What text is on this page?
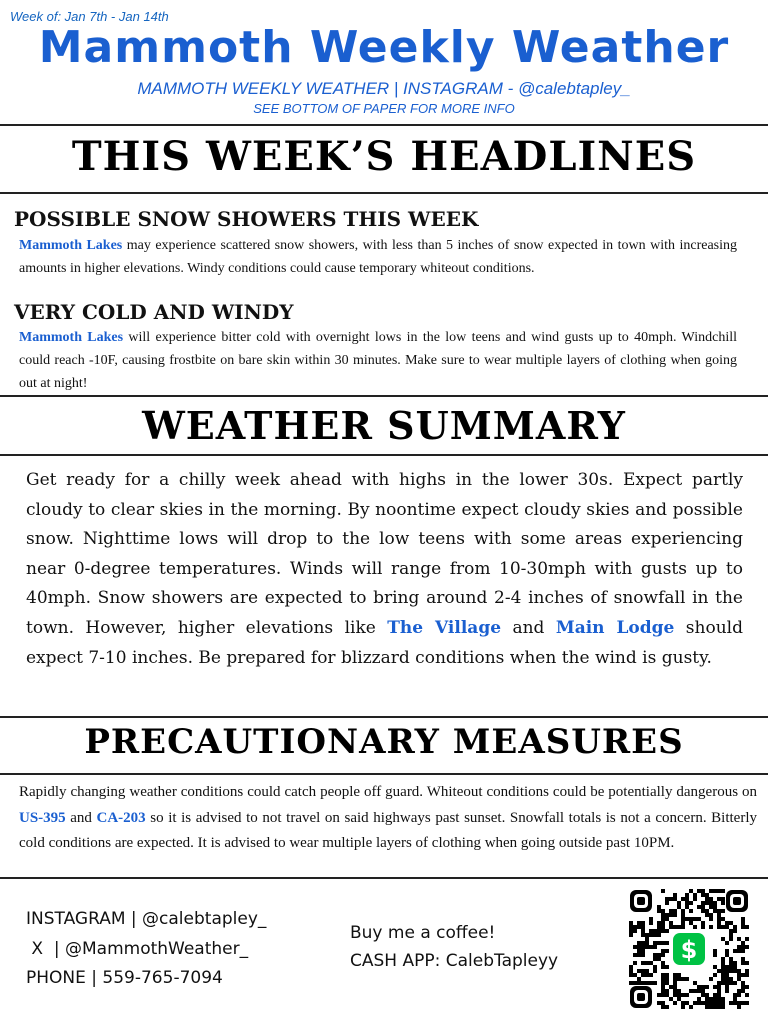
Week of: Jan 7th - Jan 14th
Mammoth Weekly Weather
MAMMOTH WEEKLY WEATHER | INSTAGRAM - @calebtapley_
SEE BOTTOM OF PAPER FOR MORE INFO
THIS WEEK’S HEADLINES
POSSIBLE SNOW SHOWERS THIS WEEK

Mammoth Lakes may experience scattered snow showers, with less than 5 inches of snow expected in town with increasing amounts in higher elevations. Windy conditions could cause temporary whiteout conditions.

VERY COLD AND WINDY

Mammoth Lakes will experience bitter cold with overnight lows in the low teens and wind gusts up to 40mph. Windchill could reach -10F, causing frostbite on bare skin within 30 minutes. Make sure to wear multiple layers of clothing when going out at night!

WEATHER SUMMARY

Get ready for a chilly week ahead with highs in the lower 30s. Expect partly cloudy to clear skies in the morning. By noontime expect cloudy skies and possible snow. Nighttime lows will drop to the low teens with some areas experiencing near 0-degree temperatures. Winds will range from 10-30mph with gusts up to 40mph. Snow showers are expected to bring around 2-4 inches of snowfall in the town. However, higher elevations like The Village and Main Lodge should expect 7-10 inches. Be prepared for blizzard conditions when the wind is gusty.

PRECAUTIONARY MEASURES

Rapidly changing weather conditions could catch people off guard. Whiteout conditions could be potentially dangerous on US-395 and CA-203 so it is advised to not travel on said highways past sunset. Snowfall totals is not a concern. Bitterly cold conditions are expected. It is advised to wear multiple layers of clothing when going outside past 10PM.

INSTAGRAM | @calebtapley_
X  | @MammothWeather_
PHONE | 559-765-7094
Buy me a coffee!
CASH APP: CalebTapleyy	$
